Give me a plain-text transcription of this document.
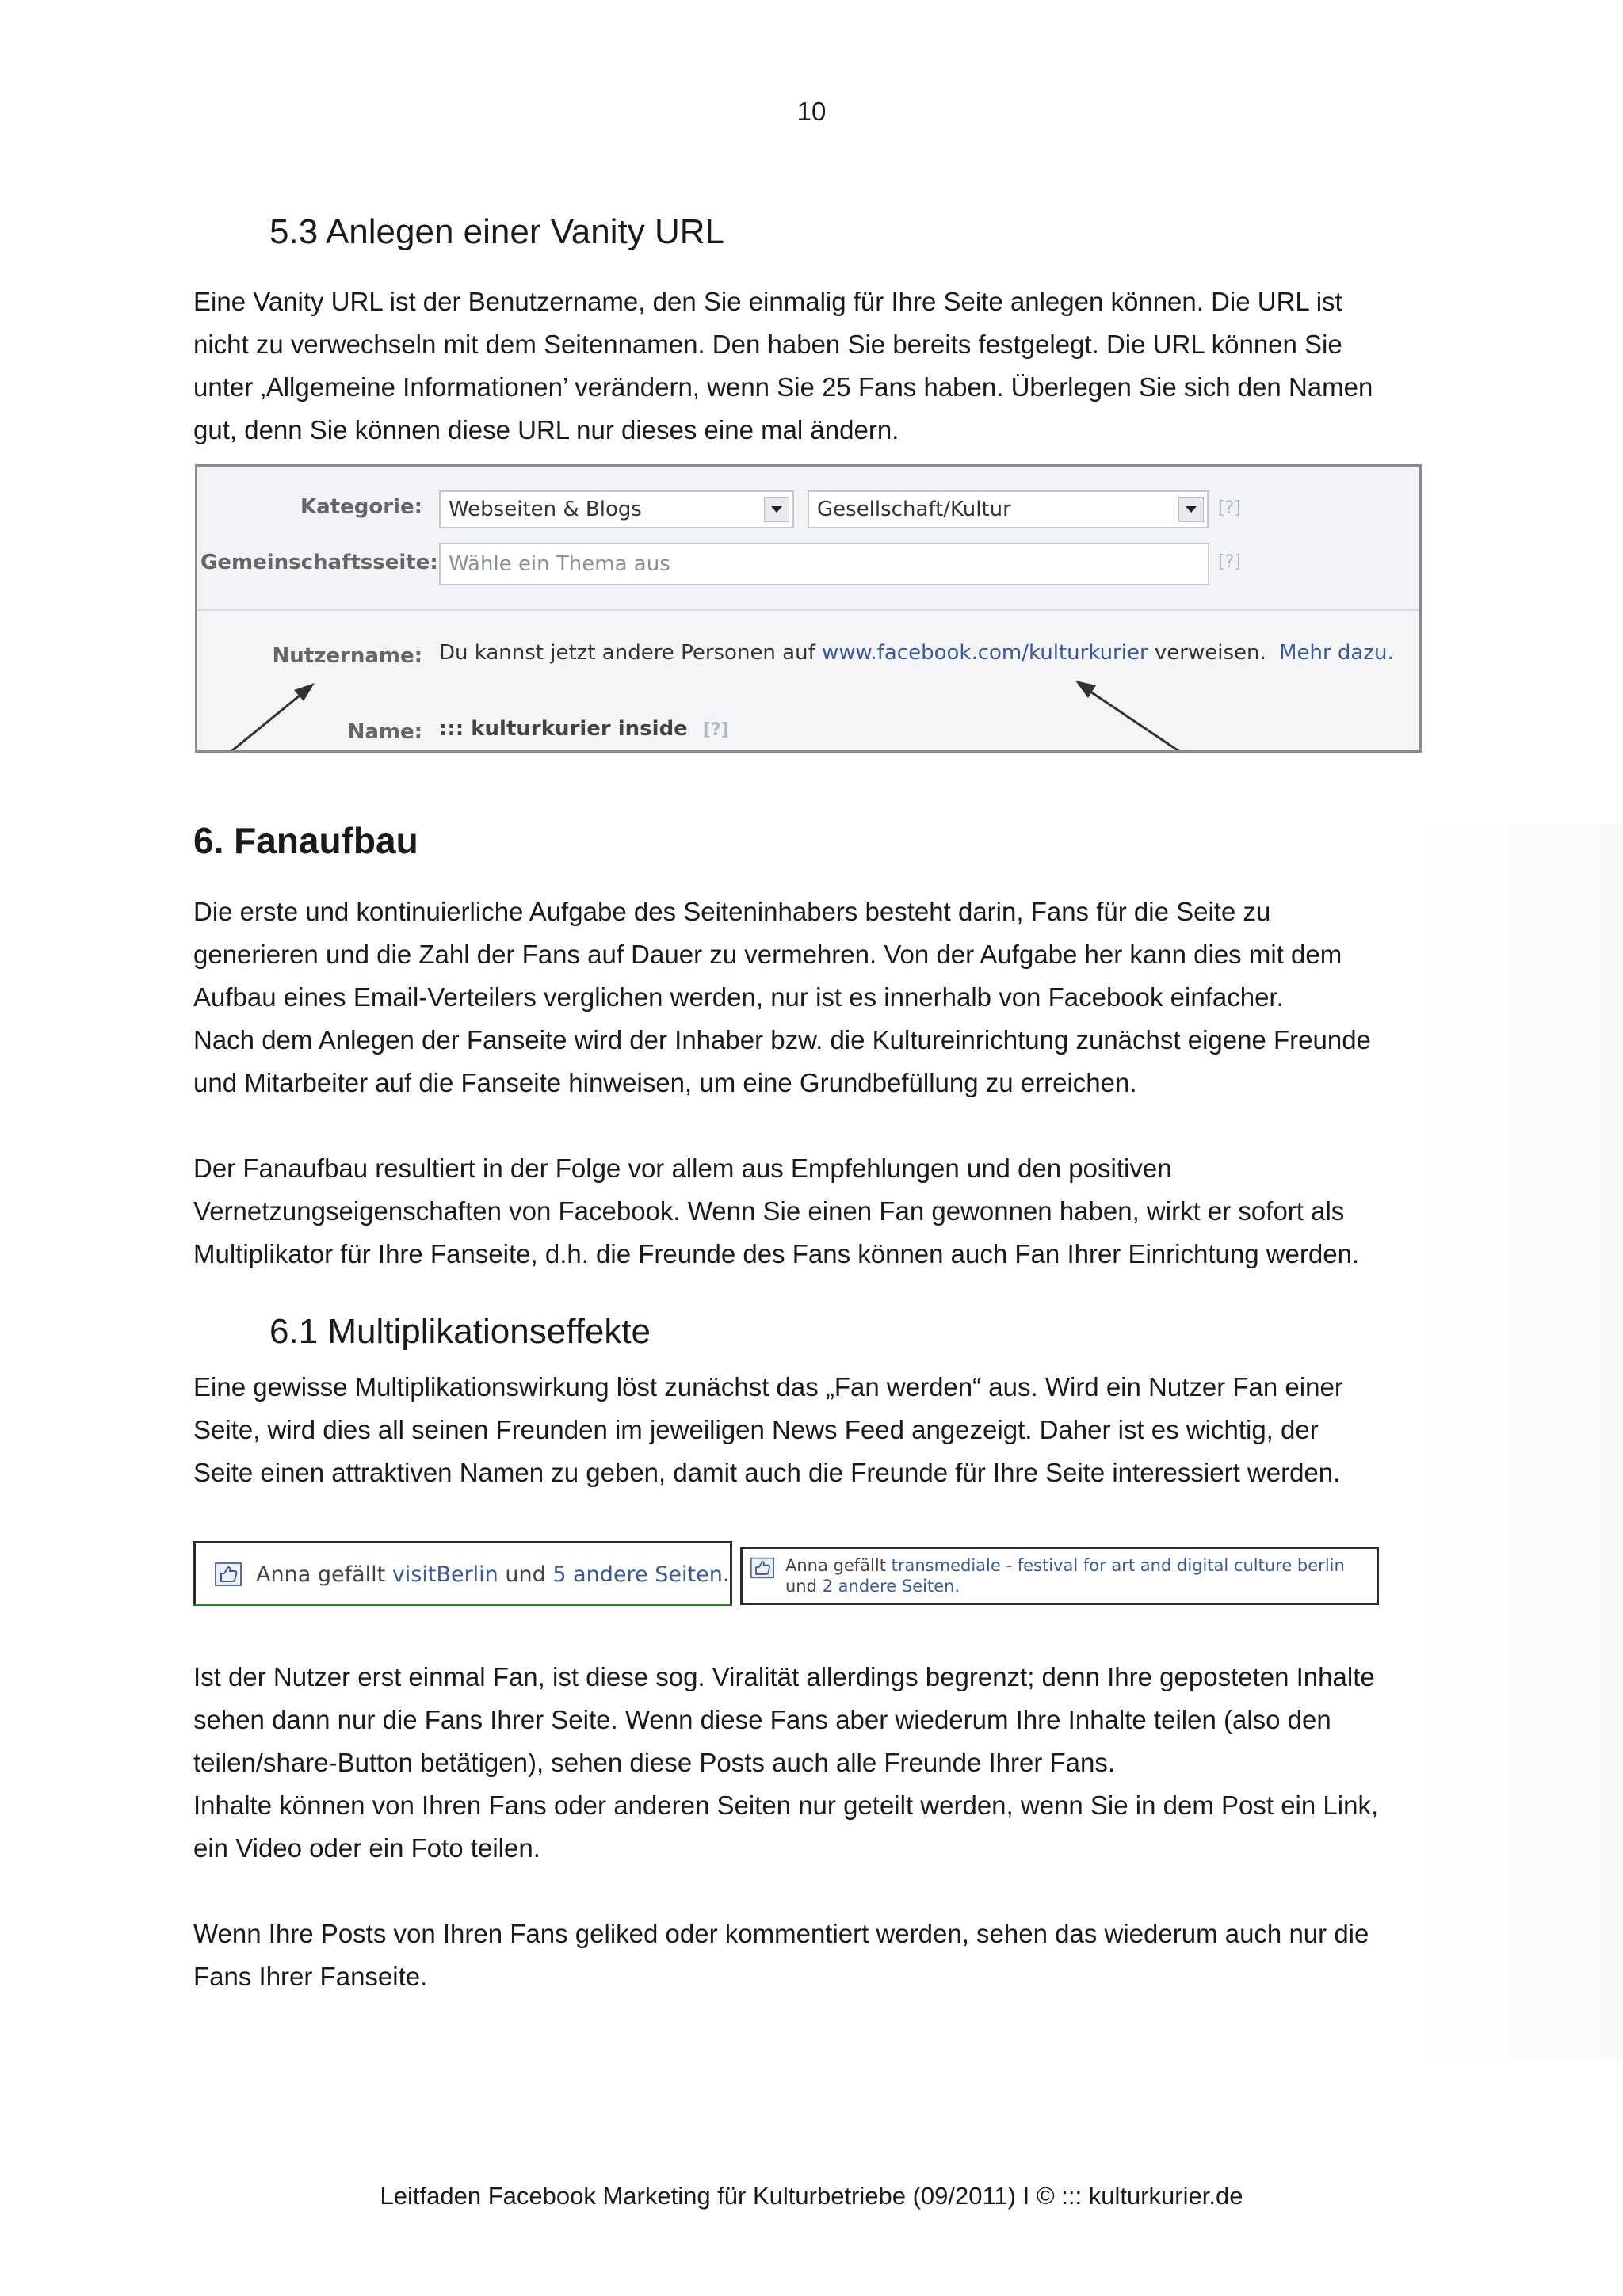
10
5.3 Anlegen einer Vanity URL
Eine Vanity URL ist der Benutzername, den Sie einmalig für Ihre Seite anlegen können. Die URL ist
nicht zu verwechseln mit dem Seitennamen. Den haben Sie bereits festgelegt. Die URL können Sie
unter ‚Allgemeine Informationen’ verändern, wenn Sie 25 Fans haben. Überlegen Sie sich den Namen
gut, denn Sie können diese URL nur dieses eine mal ändern.
Kategorie:	Webseiten & Blogs	Gesellschaft/Kultur	[?]
Gemeinschaftsseite: Wähle ein Thema aus	[?]
Nutzername: Du kannst jetzt andere Personen auf www.facebook.com/kulturkurier verweisen. Mehr dazu.
Name: ::: kulturkurier inside [?]
6. Fanaufbau
Die erste und kontinuierliche Aufgabe des Seiteninhabers besteht darin, Fans für die Seite zu
generieren und die Zahl der Fans auf Dauer zu vermehren. Von der Aufgabe her kann dies mit dem
Aufbau eines Email-Verteilers verglichen werden, nur ist es innerhalb von Facebook einfacher.
Nach dem Anlegen der Fanseite wird der Inhaber bzw. die Kultureinrichtung zunächst eigene Freunde
und Mitarbeiter auf die Fanseite hinweisen, um eine Grundbefüllung zu erreichen.
Der Fanaufbau resultiert in der Folge vor allem aus Empfehlungen und den positiven
Vernetzungseigenschaften von Facebook. Wenn Sie einen Fan gewonnen haben, wirkt er sofort als
Multiplikator für Ihre Fanseite, d.h. die Freunde des Fans können auch Fan Ihrer Einrichtung werden.
6.1 Multiplikationseffekte
Eine gewisse Multiplikationswirkung löst zunächst das „Fan werden“ aus. Wird ein Nutzer Fan einer
Seite, wird dies all seinen Freunden im jeweiligen News Feed angezeigt. Daher ist es wichtig, der
Seite einen attraktiven Namen zu geben, damit auch die Freunde für Ihre Seite interessiert werden.
Anna gefällt visitBerlin und 5 andere Seiten.	Anna gefällt transmediale - festival for art and digital culture berlin
und 2 andere Seiten.
Ist der Nutzer erst einmal Fan, ist diese sog. Viralität allerdings begrenzt; denn Ihre geposteten Inhalte
sehen dann nur die Fans Ihrer Seite. Wenn diese Fans aber wiederum Ihre Inhalte teilen (also den
teilen/share-Button betätigen), sehen diese Posts auch alle Freunde Ihrer Fans.
Inhalte können von Ihren Fans oder anderen Seiten nur geteilt werden, wenn Sie in dem Post ein Link,
ein Video oder ein Foto teilen.
Wenn Ihre Posts von Ihren Fans geliked oder kommentiert werden, sehen das wiederum auch nur die
Fans Ihrer Fanseite.
Leitfaden Facebook Marketing für Kulturbetriebe (09/2011) I © ::: kulturkurier.de
